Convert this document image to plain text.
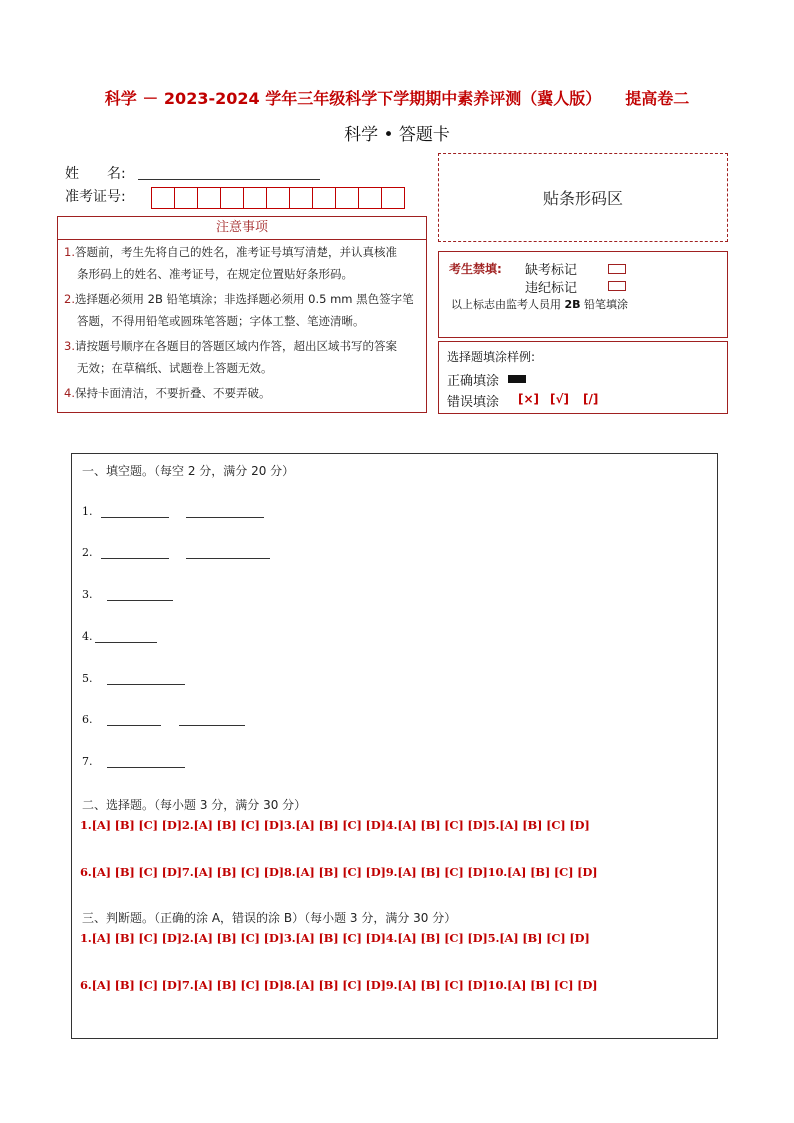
科学 － 2023-2024 学年三年级科学下学期期中素养评测（冀人版） 提高卷二
科学 • 答题卡
姓　　名:
准考证号:	贴条形码区
注意事项
1.答题前，考生先将自己的姓名，准考证号填写清楚，并认真核准
条形码上的姓名、准考证号，在规定位置贴好条形码。
2.选择题必须用 2B 铅笔填涂；非选择题必须用 0.5 mm 黑色签字笔
答题，不得用铅笔或圆珠笔答题；字体工整、笔迹清晰。
3.请按题号顺序在各题目的答题区域内作答，超出区域书写的答案
无效；在草稿纸、试题卷上答题无效。
4.保持卡面清洁，不要折叠、不要弄破。
考生禁填: 缺考标记
违纪标记
以上标志由监考人员用 2B 铅笔填涂
选择题填涂样例:
正确填涂
错误填涂 [×] [√] [/]
一、填空题。（每空 2 分，满分 20 分）
1.
2.
3.
4.
5.
6.
7.
二、选择题。（每小题 3 分，满分 30 分）
1.[A] [B] [C] [D]2.[A] [B] [C] [D]3.[A] [B] [C] [D]4.[A] [B] [C] [D]5.[A] [B] [C] [D]
6.[A] [B] [C] [D]7.[A] [B] [C] [D]8.[A] [B] [C] [D]9.[A] [B] [C] [D]10.[A] [B] [C] [D]
三、判断题。（正确的涂 A，错误的涂 B）（每小题 3 分，满分 30 分）
1.[A] [B] [C] [D]2.[A] [B] [C] [D]3.[A] [B] [C] [D]4.[A] [B] [C] [D]5.[A] [B] [C] [D]
6.[A] [B] [C] [D]7.[A] [B] [C] [D]8.[A] [B] [C] [D]9.[A] [B] [C] [D]10.[A] [B] [C] [D]
